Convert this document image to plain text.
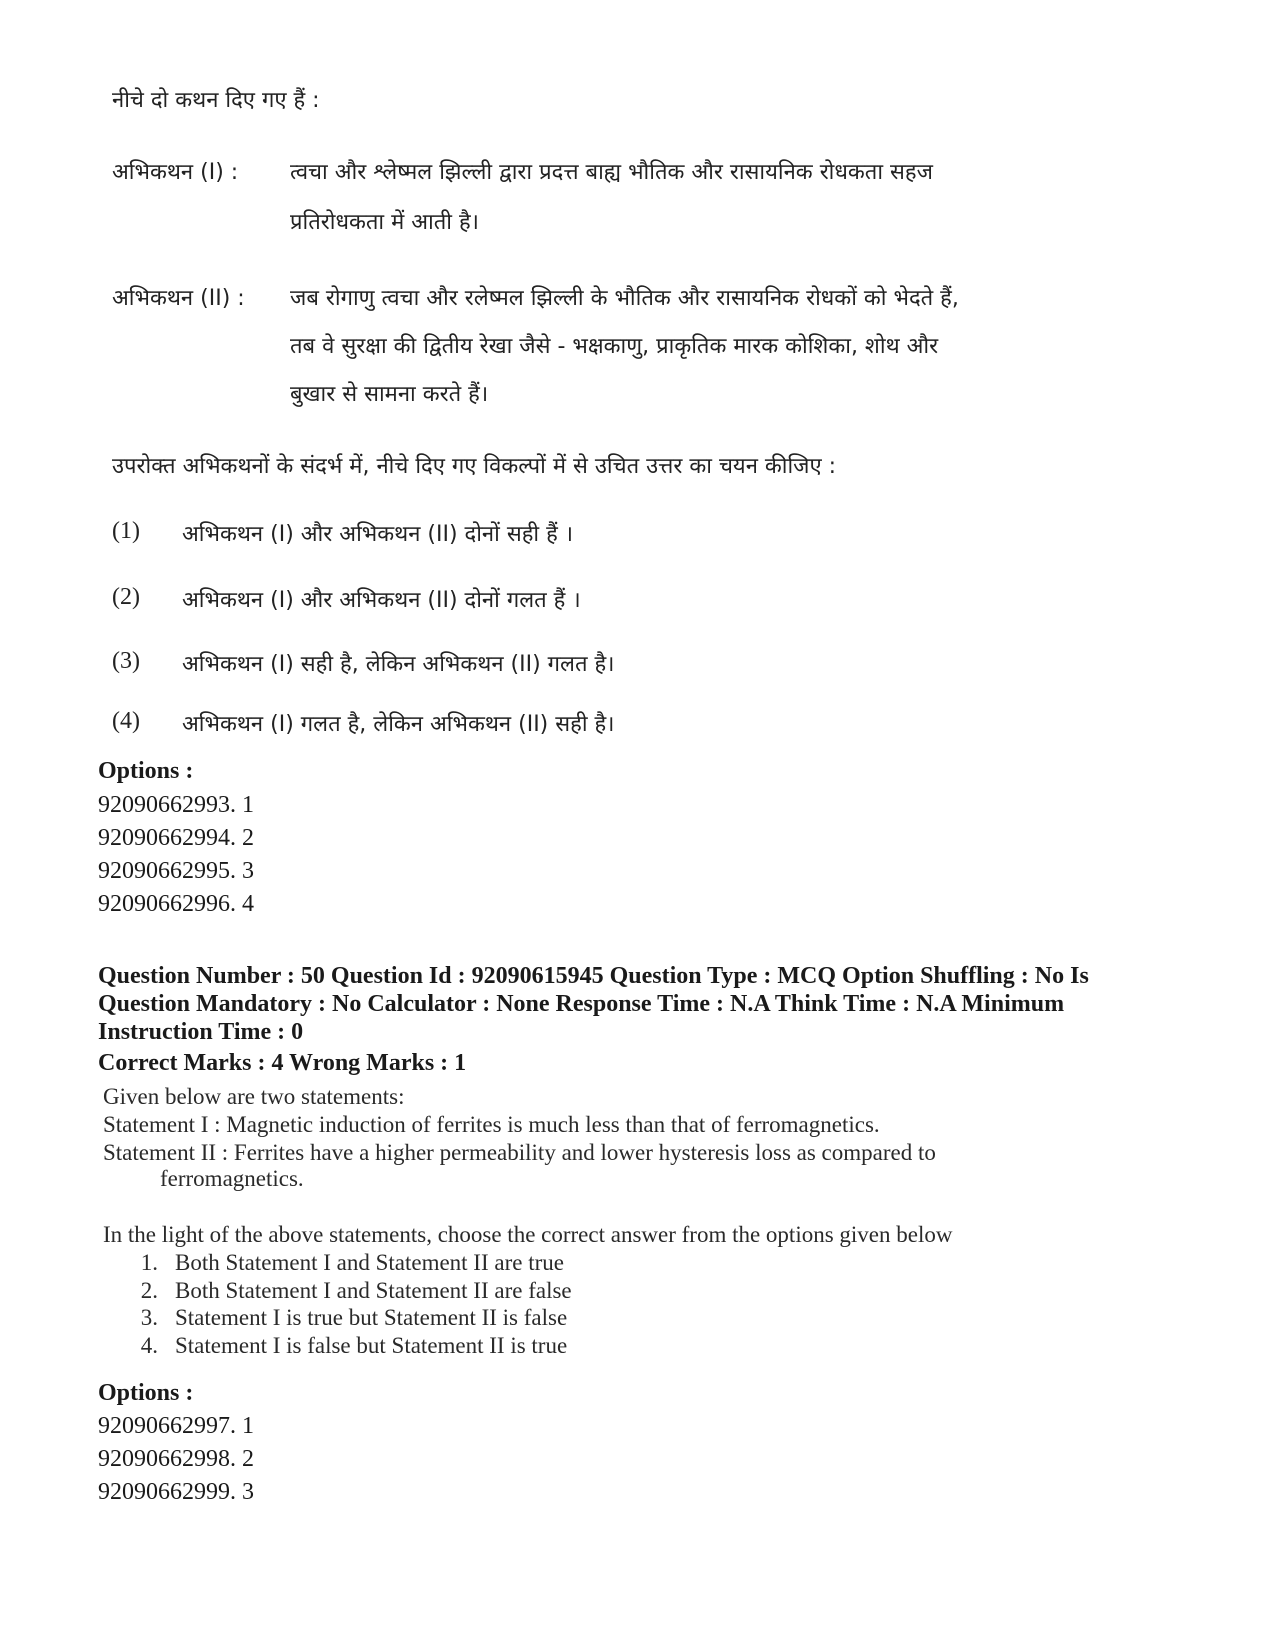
नीचे दो कथन दिए गए हैं :
अभिकथन (I) : त्वचा और श्लेष्मल झिल्ली द्वारा प्रदत्त बाह्य भौतिक और रासायनिक रोधकता सहज
प्रतिरोधकता में आती है।
अभिकथन (II) : जब रोगाणु त्वचा और रलेष्मल झिल्ली के भौतिक और रासायनिक रोधकों को भेदते हैं,
तब वे सुरक्षा की द्वितीय रेखा जैसे - भक्षकाणु, प्राकृतिक मारक कोशिका, शोथ और
बुखार से सामना करते हैं।
उपरोक्त अभिकथनों के संदर्भ में, नीचे दिए गए विकल्पों में से उचित उत्तर का चयन कीजिए :
(1) अभिकथन (I) और अभिकथन (II) दोनों सही हैं ।
(2) अभिकथन (I) और अभिकथन (II) दोनों गलत हैं ।
(3) अभिकथन (I) सही है, लेकिन अभिकथन (II) गलत है।
(4) अभिकथन (I) गलत है, लेकिन अभिकथन (II) सही है।
Options :
92090662993. 1
92090662994. 2
92090662995. 3
92090662996. 4
Question Number : 50 Question Id : 92090615945 Question Type : MCQ Option Shuffling : No Is Question Mandatory : No Calculator : None Response Time : N.A Think Time : N.A Minimum Instruction Time : 0
Correct Marks : 4 Wrong Marks : 1
Given below are two statements:
Statement I : Magnetic induction of ferrites is much less than that of ferromagnetics.
Statement II : Ferrites have a higher permeability and lower hysteresis loss as compared to
ferromagnetics.
In the light of the above statements, choose the correct answer from the options given below
1. Both Statement I and Statement II are true
2. Both Statement I and Statement II are false
3. Statement I is true but Statement II is false
4. Statement I is false but Statement II is true
Options :
92090662997. 1
92090662998. 2
92090662999. 3
